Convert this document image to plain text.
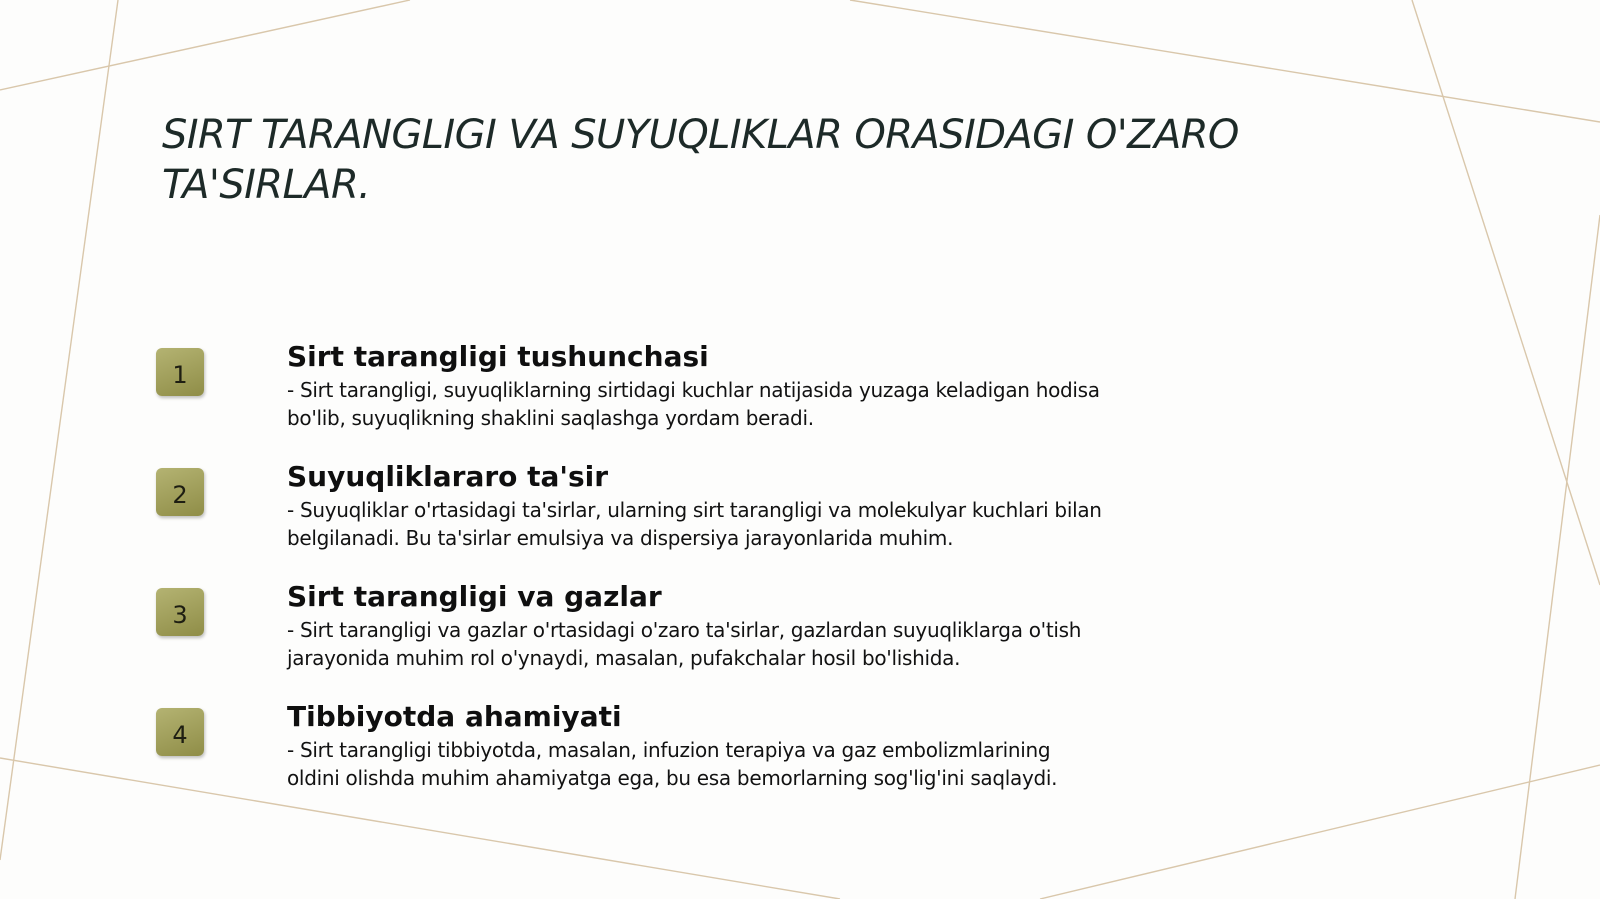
SIRT TARANGLIGI VA SUYUQLIKLAR ORASIDAGI O'ZARO TA'SIRLAR.
1
Sirt tarangligi tushunchasi

- Sirt tarangligi, suyuqliklarning sirtidagi kuchlar natijasida yuzaga keladigan hodisa bo'lib, suyuqlikning shaklini saqlashga yordam beradi.

2
Suyuqliklararo ta'sir

- Suyuqliklar o'rtasidagi ta'sirlar, ularning sirt tarangligi va molekulyar kuchlari bilan belgilanadi. Bu ta'sirlar emulsiya va dispersiya jarayonlarida muhim.

3
Sirt tarangligi va gazlar

- Sirt tarangligi va gazlar o'rtasidagi o'zaro ta'sirlar, gazlardan suyuqliklarga o'tish jarayonida muhim rol o'ynaydi, masalan, pufakchalar hosil bo'lishida.

4
Tibbiyotda ahamiyati

- Sirt tarangligi tibbiyotda, masalan, infuzion terapiya va gaz embolizmlarining oldini olishda muhim ahamiyatga ega, bu esa bemorlarning sog'lig'ini saqlaydi.
